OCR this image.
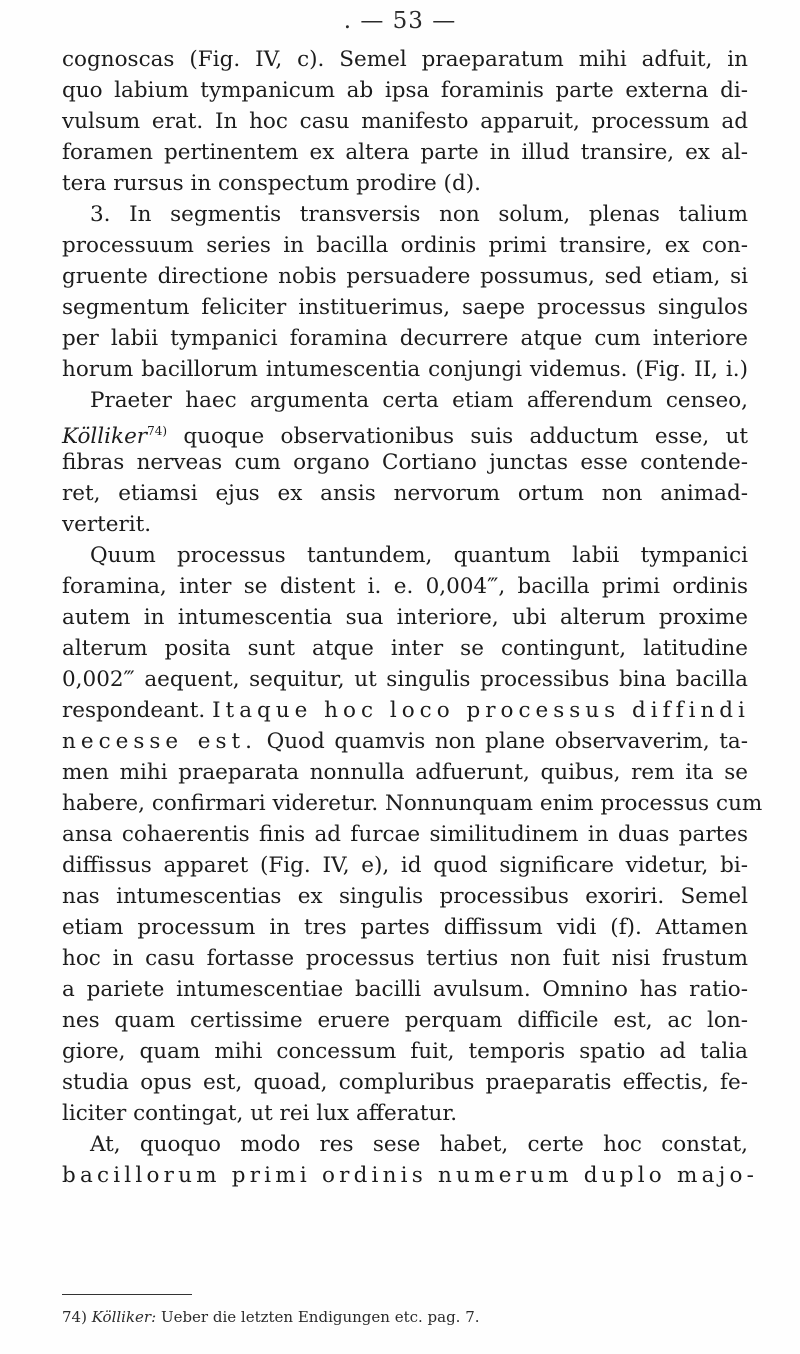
. — 53 —
cognoscas (Fig. IV, c). Semel praeparatum mihi adfuit, in
quo labium tympanicum ab ipsa foraminis parte externa di-
vulsum erat. In hoc casu manifesto apparuit, processum ad
foramen pertinentem ex altera parte in illud transire, ex al-
tera rursus in conspectum prodire (d).
3. In segmentis transversis non solum, plenas talium
processuum series in bacilla ordinis primi transire, ex con-
gruente directione nobis persuadere possumus, sed etiam, si
segmentum feliciter instituerimus, saepe processus singulos
per labii tympanici foramina decurrere atque cum interiore
horum bacillorum intumescentia conjungi videmus. (Fig. II, i.)
Praeter haec argumenta certa etiam afferendum censeo,
Kölliker$^{74)}$ quoque observationibus suis adductum esse, ut
fibras nerveas cum organo Cortiano junctas esse contende-
ret, etiamsi ejus ex ansis nervorum ortum non animad-
verterit.
Quum processus tantundem, quantum labii tympanici
foramina, inter se distent i. e. 0,004‴, bacilla primi ordinis
autem in intumescentia sua interiore, ubi alterum proxime
alterum posita sunt atque inter se contingunt, latitudine
0,002‴ aequent, sequitur, ut singulis processibus bina bacilla
respondeant. Itaque hoc loco processus diffindi
necesse est. Quod quamvis non plane observaverim, ta-
men mihi praeparata nonnulla adfuerunt, quibus, rem ita se
habere, confirmari videretur. Nonnunquam enim processus cum
ansa cohaerentis finis ad furcae similitudinem in duas partes
diffissus apparet (Fig. IV, e), id quod significare videtur, bi-
nas intumescentias ex singulis processibus exoriri. Semel
etiam processum in tres partes diffissum vidi (f). Attamen
hoc in casu fortasse processus tertius non fuit nisi frustum
a pariete intumescentiae bacilli avulsum. Omnino has ratio-
nes quam certissime eruere perquam difficile est, ac lon-
giore, quam mihi concessum fuit, temporis spatio ad talia
studia opus est, quoad, compluribus praeparatis effectis, fe-
liciter contingat, ut rei lux afferatur.
At, quoquo modo res sese habet, certe hoc constat,
bacillorum primi ordinis numerum duplo majo-
74) Kölliker: Ueber die letzten Endigungen etc. pag. 7.
